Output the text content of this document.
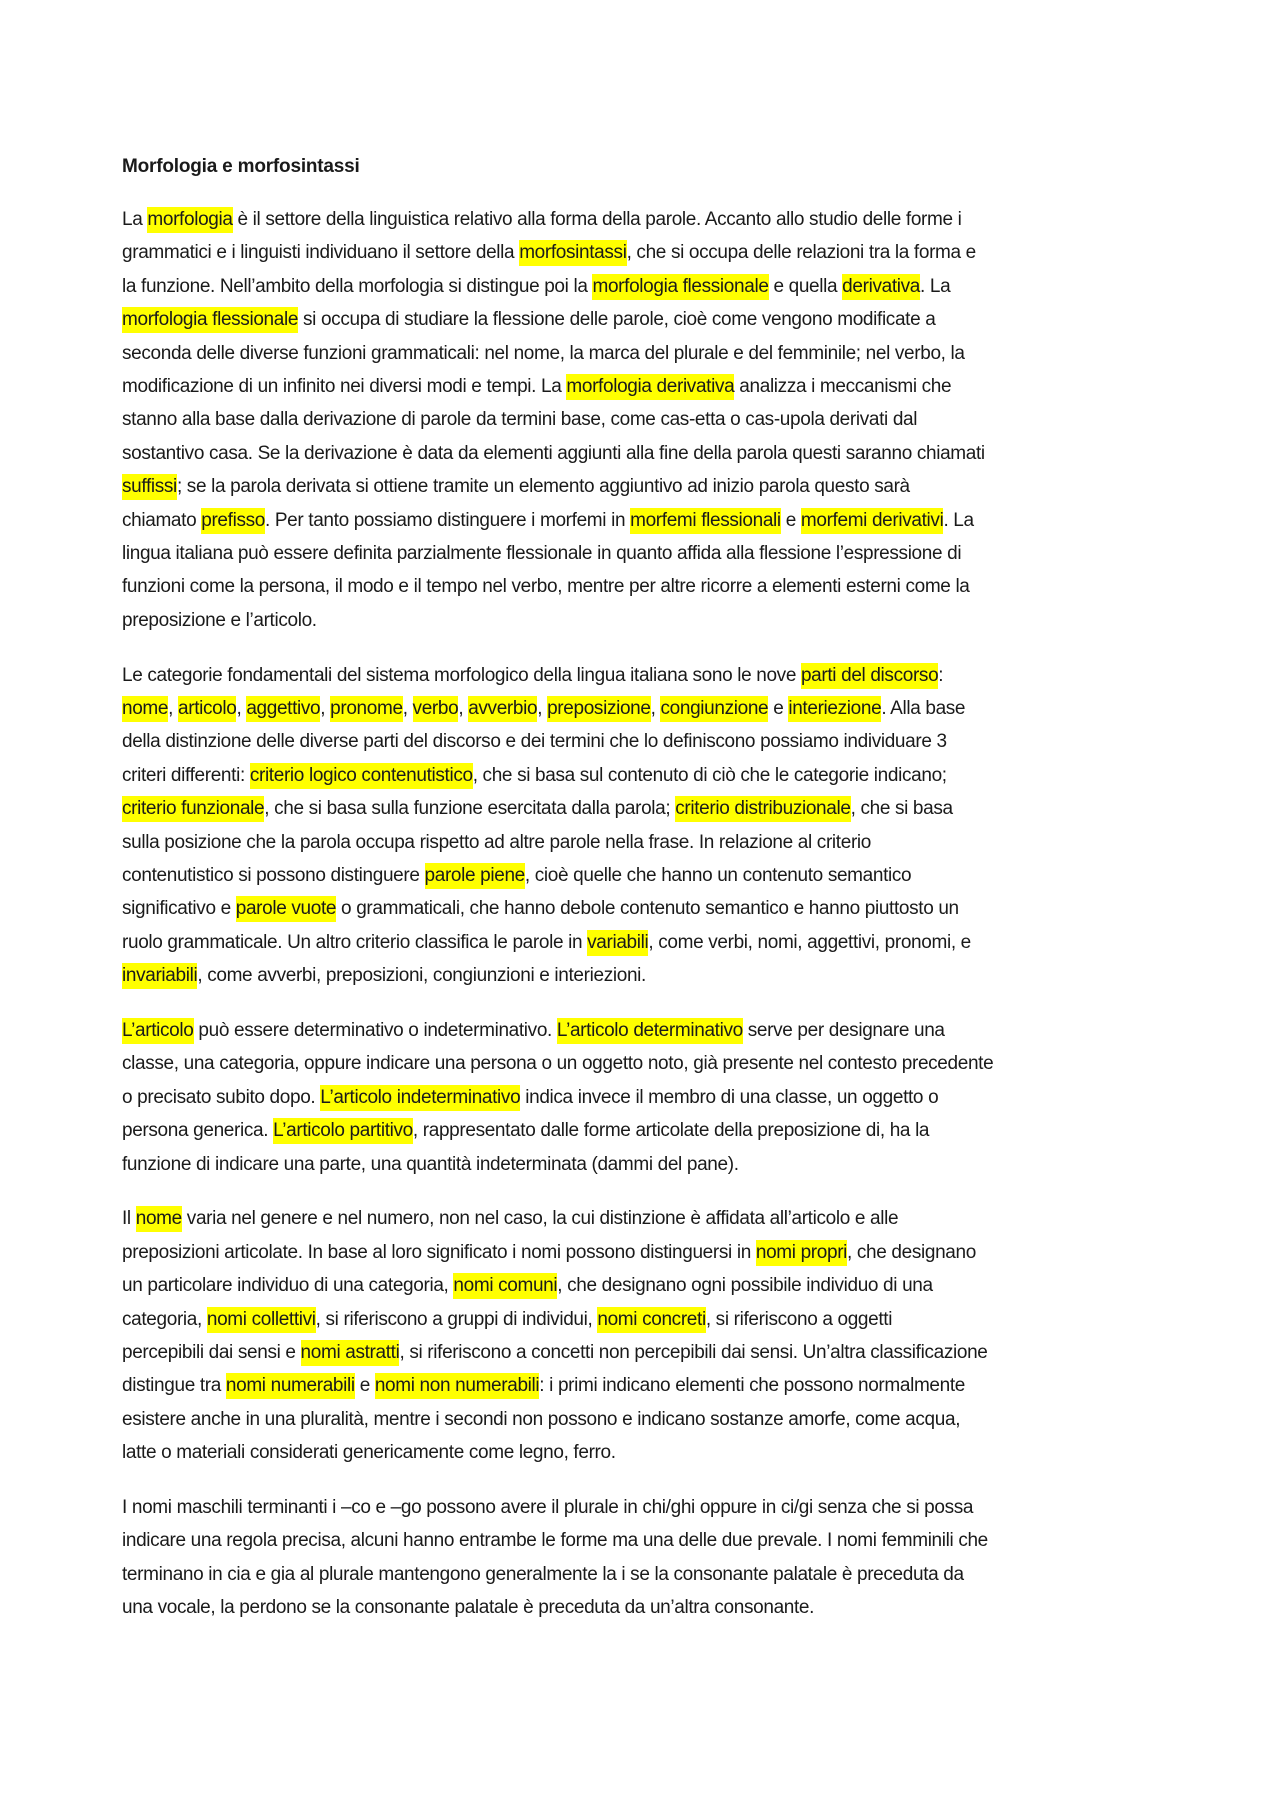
Morfologia e morfosintassi
La morfologia è il settore della linguistica relativo alla forma della parole. Accanto allo studio delle forme i
grammatici e i linguisti individuano il settore della morfosintassi, che si occupa delle relazioni tra la forma e
la funzione. Nell’ambito della morfologia si distingue poi la morfologia flessionale e quella derivativa. La
morfologia flessionale si occupa di studiare la flessione delle parole, cioè come vengono modificate a
seconda delle diverse funzioni grammaticali: nel nome, la marca del plurale e del femminile; nel verbo, la
modificazione di un infinito nei diversi modi e tempi. La morfologia derivativa analizza i meccanismi che
stanno alla base dalla derivazione di parole da termini base, come cas-etta o cas-upola derivati dal
sostantivo casa. Se la derivazione è data da elementi aggiunti alla fine della parola questi saranno chiamati
suffissi; se la parola derivata si ottiene tramite un elemento aggiuntivo ad inizio parola questo sarà
chiamato prefisso. Per tanto possiamo distinguere i morfemi in morfemi flessionali e morfemi derivativi. La
lingua italiana può essere definita parzialmente flessionale in quanto affida alla flessione l’espressione di
funzioni come la persona, il modo e il tempo nel verbo, mentre per altre ricorre a elementi esterni come la
preposizione e l’articolo.
Le categorie fondamentali del sistema morfologico della lingua italiana sono le nove parti del discorso:
nome, articolo, aggettivo, pronome, verbo, avverbio, preposizione, congiunzione e interiezione. Alla base
della distinzione delle diverse parti del discorso e dei termini che lo definiscono possiamo individuare 3
criteri differenti: criterio logico contenutistico, che si basa sul contenuto di ciò che le categorie indicano;
criterio funzionale, che si basa sulla funzione esercitata dalla parola; criterio distribuzionale, che si basa
sulla posizione che la parola occupa rispetto ad altre parole nella frase. In relazione al criterio
contenutistico si possono distinguere parole piene, cioè quelle che hanno un contenuto semantico
significativo e parole vuote o grammaticali, che hanno debole contenuto semantico e hanno piuttosto un
ruolo grammaticale. Un altro criterio classifica le parole in variabili, come verbi, nomi, aggettivi, pronomi, e
invariabili, come avverbi, preposizioni, congiunzioni e interiezioni.
L’articolo può essere determinativo o indeterminativo. L’articolo determinativo serve per designare una
classe, una categoria, oppure indicare una persona o un oggetto noto, già presente nel contesto precedente
o precisato subito dopo. L’articolo indeterminativo indica invece il membro di una classe, un oggetto o
persona generica. L’articolo partitivo, rappresentato dalle forme articolate della preposizione di, ha la
funzione di indicare una parte, una quantità indeterminata (dammi del pane).
Il nome varia nel genere e nel numero, non nel caso, la cui distinzione è affidata all’articolo e alle
preposizioni articolate. In base al loro significato i nomi possono distinguersi in nomi propri, che designano
un particolare individuo di una categoria, nomi comuni, che designano ogni possibile individuo di una
categoria, nomi collettivi, si riferiscono a gruppi di individui, nomi concreti, si riferiscono a oggetti
percepibili dai sensi e nomi astratti, si riferiscono a concetti non percepibili dai sensi. Un’altra classificazione
distingue tra nomi numerabili e nomi non numerabili: i primi indicano elementi che possono normalmente
esistere anche in una pluralità, mentre i secondi non possono e indicano sostanze amorfe, come acqua,
latte o materiali considerati genericamente come legno, ferro.
I nomi maschili terminanti i –co e –go possono avere il plurale in chi/ghi oppure in ci/gi senza che si possa
indicare una regola precisa, alcuni hanno entrambe le forme ma una delle due prevale. I nomi femminili che
terminano in cia e gia al plurale mantengono generalmente la i se la consonante palatale è preceduta da
una vocale, la perdono se la consonante palatale è preceduta da un’altra consonante.
